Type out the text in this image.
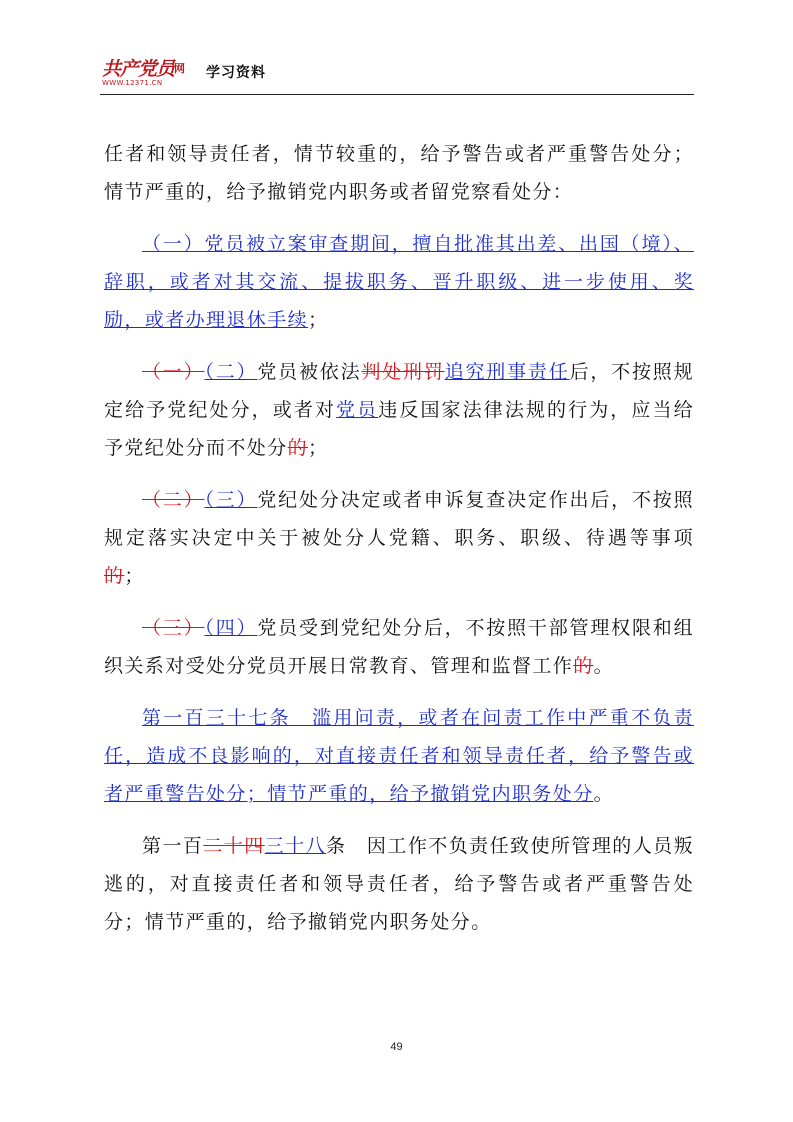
共产党员 网
WWW.12371.CN
学习资料

任者和领导责任者，情节较重的，给予警告或者严重警告处分；情节严重的，给予撤销党内职务或者留党察看处分：

（一）党员被立案审查期间，擅自批准其出差、出国（境）、辞职，或者对其交流、提拔职务、晋升职级、进一步使用、奖励，或者办理退休手续；

（一）（二）党员被依法判处刑罚追究刑事责任后，不按照规定给予党纪处分，或者对党员违反国家法律法规的行为，应当给予党纪处分而不处分的；

（二）（三）党纪处分决定或者申诉复查决定作出后，不按照规定落实决定中关于被处分人党籍、职务、职级、待遇等事项的；

（三）（四）党员受到党纪处分后，不按照干部管理权限和组织关系对受处分党员开展日常教育、管理和监督工作的。

第一百三十七条　滥用问责，或者在问责工作中严重不负责任，造成不良影响的，对直接责任者和领导责任者，给予警告或者严重警告处分；情节严重的，给予撤销党内职务处分。

第一百二十四三十八条　因工作不负责任致使所管理的人员叛逃的，对直接责任者和领导责任者，给予警告或者严重警告处分；情节严重的，给予撤销党内职务处分。

49
